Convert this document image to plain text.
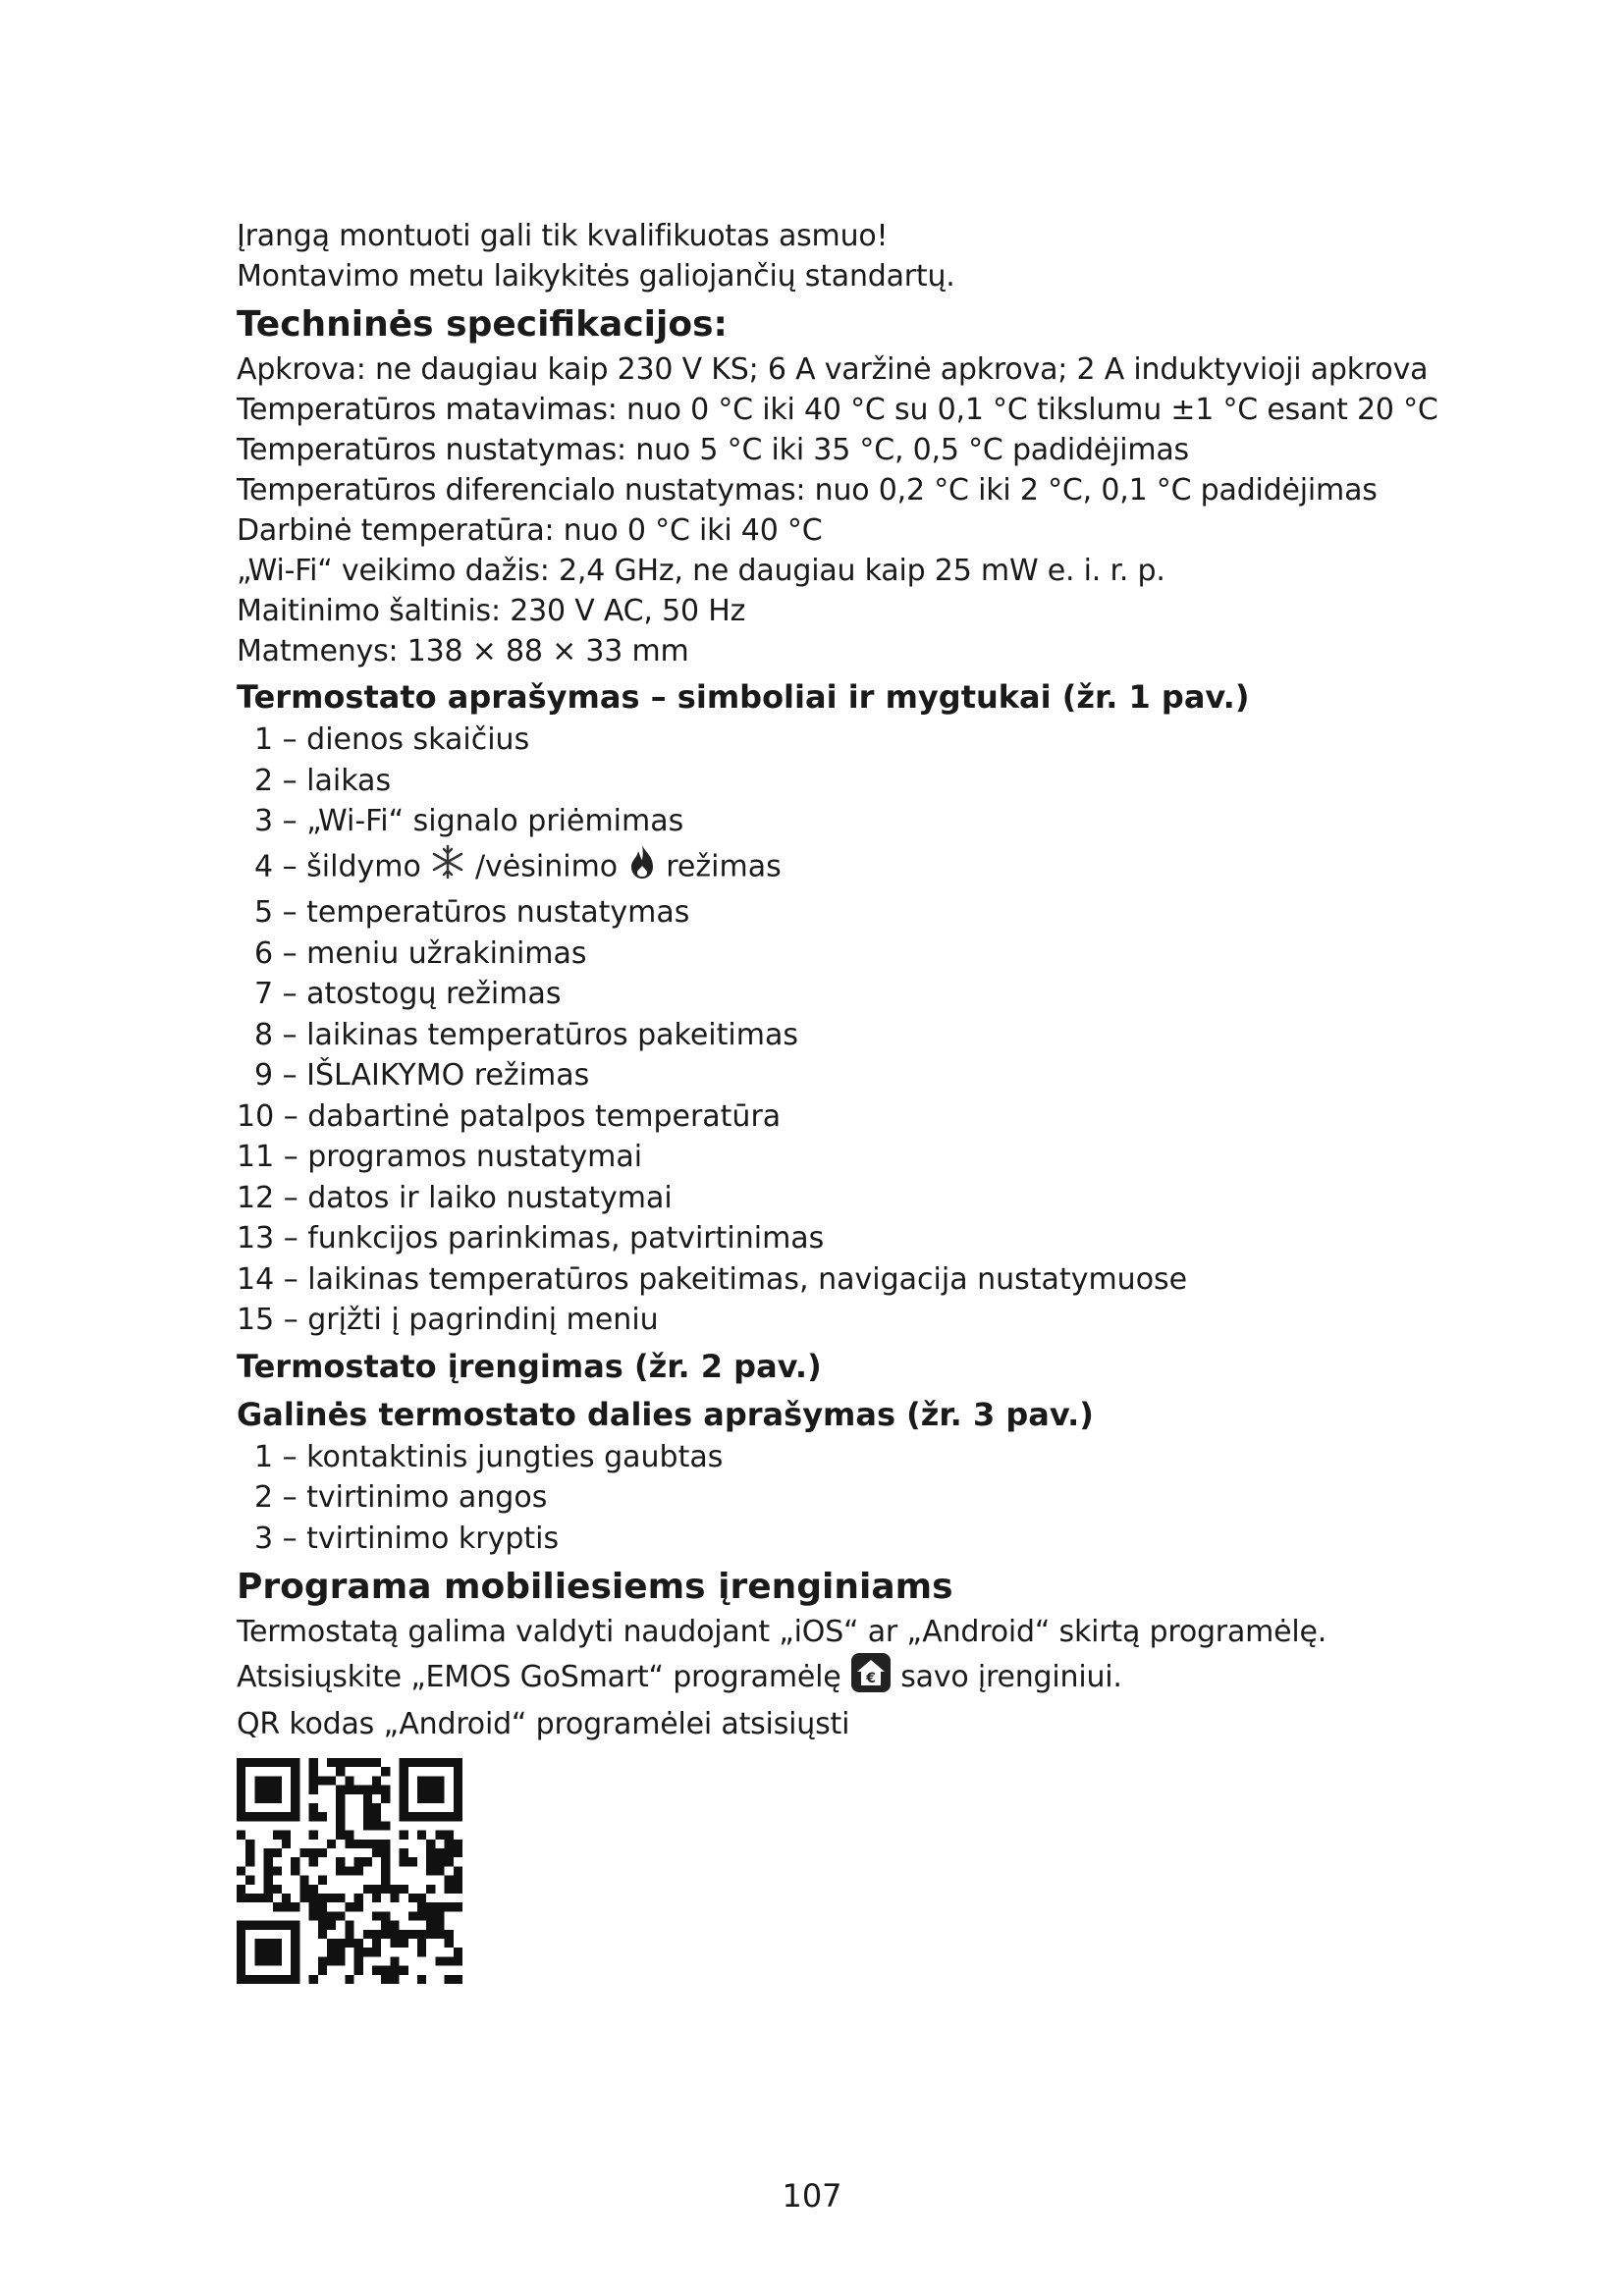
Įrangą montuoti gali tik kvalifikuotas asmuo!
Montavimo metu laikykitės galiojančių standartų.
Techninės specifikacijos:
Apkrova: ne daugiau kaip 230 V KS; 6 A varžinė apkrova; 2 A induktyvioji apkrova
Temperatūros matavimas: nuo 0 °C iki 40 °C su 0,1 °C tikslumu ±1 °C esant 20 °C
Temperatūros nustatymas: nuo 5 °C iki 35 °C, 0,5 °C padidėjimas
Temperatūros diferencialo nustatymas: nuo 0,2 °C iki 2 °C, 0,1 °C padidėjimas
Darbinė temperatūra: nuo 0 °C iki 40 °C
„Wi-Fi“ veikimo dažis: 2,4 GHz, ne daugiau kaip 25 mW e. i. r. p.
Maitinimo šaltinis: 230 V AC, 50 Hz
Matmenys: 138 × 88 × 33 mm
Termostato aprašymas – simboliai ir mygtukai (žr. 1 pav.)
1 – dienos skaičius
2 – laikas
3 – „Wi-Fi“ signalo priėmimas
4 – šildymo /vėsinimo režimas
5 – temperatūros nustatymas
6 – meniu užrakinimas
7 – atostogų režimas
8 – laikinas temperatūros pakeitimas
9 – IŠLAIKYMO režimas
10 – dabartinė patalpos temperatūra
11 – programos nustatymai
12 – datos ir laiko nustatymai
13 – funkcijos parinkimas, patvirtinimas
14 – laikinas temperatūros pakeitimas, navigacija nustatymuose
15 – grįžti į pagrindinį meniu
Termostato įrengimas (žr. 2 pav.)
Galinės termostato dalies aprašymas (žr. 3 pav.)
1 – kontaktinis jungties gaubtas
2 – tvirtinimo angos
3 – tvirtinimo kryptis
Programa mobiliesiems įrenginiams
Termostatą galima valdyti naudojant „iOS“ ar „Android“ skirtą programėlę.
Atsisiųskite „EMOS GoSmart“ programėlę € savo įrenginiui.
QR kodas „Android“ programėlei atsisiųsti
107
